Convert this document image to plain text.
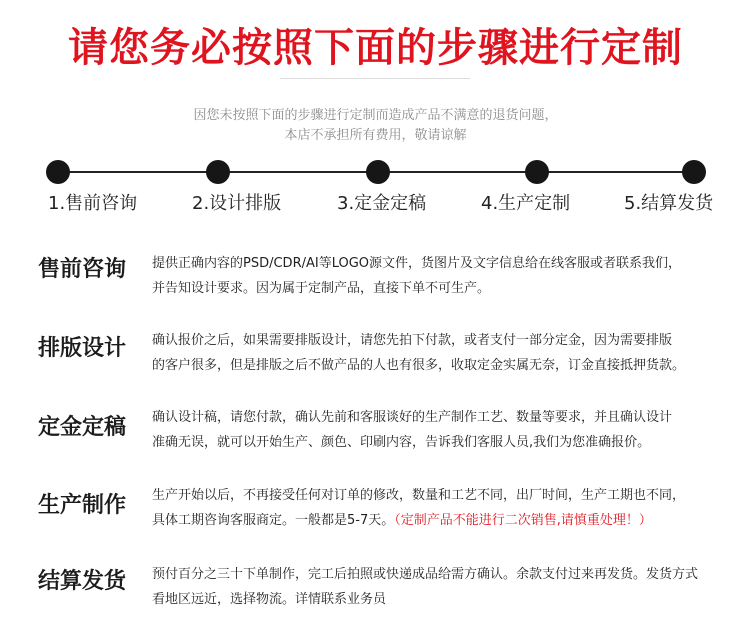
请您务必按照下面的步骤进行定制
因您未按照下面的步骤进行定制而造成产品不满意的退货问题，
本店不承担所有费用，敬请谅解
1.售前咨询	2.设计排版	3.定金定稿	4.生产定制	5.结算发货
售前咨询 提供正确内容的PSD/CDR/AI等LOGO源文件，货图片及文字信息给在线客服或者联系我们，
并告知设计要求。因为属于定制产品，直接下单不可生产。
排版设计 确认报价之后，如果需要排版设计，请您先拍下付款，或者支付一部分定金，因为需要排版
的客户很多，但是排版之后不做产品的人也有很多，收取定金实属无奈，订金直接抵押货款。
定金定稿 确认设计稿，请您付款，确认先前和客服谈好的生产制作工艺、数量等要求，并且确认设计
准确无误，就可以开始生产、颜色、印刷内容，告诉我们客服人员,我们为您准确报价。
生产制作 生产开始以后，不再接受任何对订单的修改，数量和工艺不同，出厂时间，生产工期也不同，
具体工期咨询客服商定。一般都是5-7天。（定制产品不能进行二次销售,请慎重处理！）
结算发货 预付百分之三十下单制作，完工后拍照或快递成品给需方确认。余款支付过来再发货。发货方式
看地区远近，选择物流。详情联系业务员
